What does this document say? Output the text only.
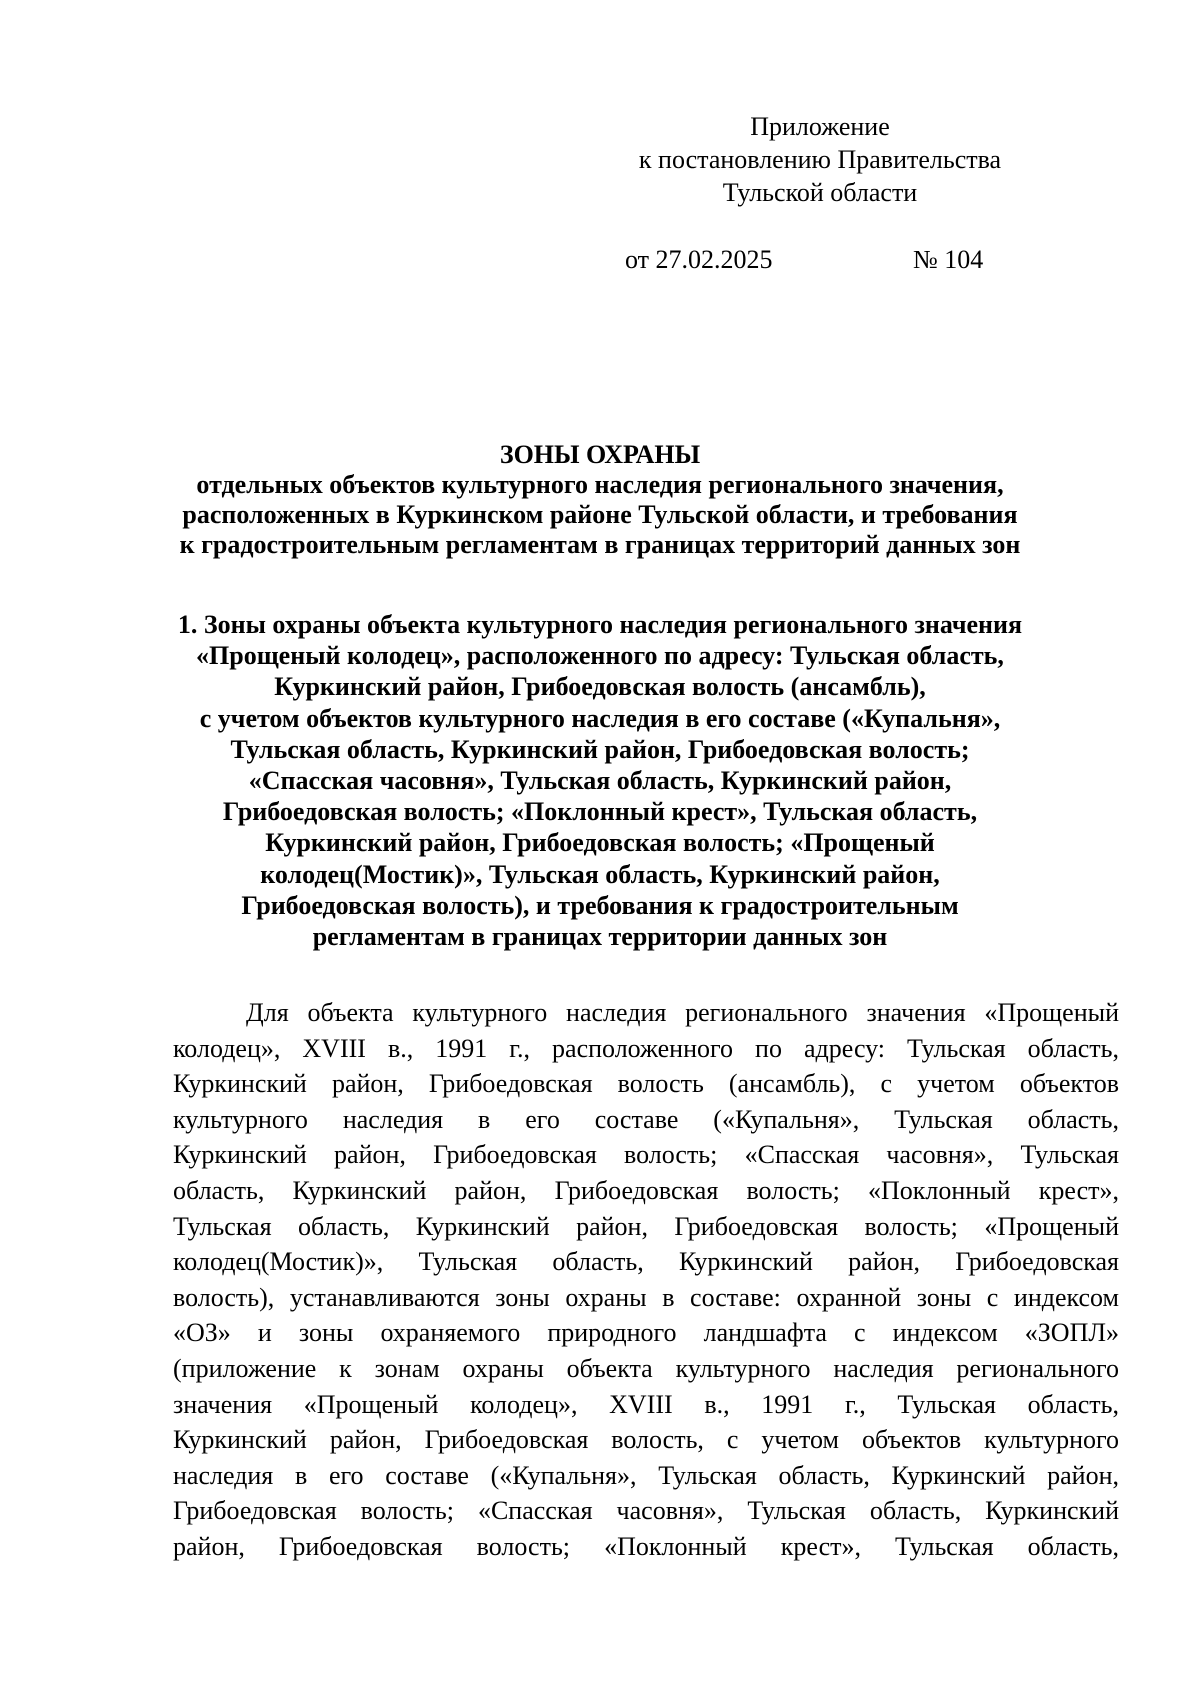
Приложение
к постановлению Правительства
Тульской области
от 27.02.2025	№ 104
ЗОНЫ ОХРАНЫ
отдельных объектов культурного наследия регионального значения,
расположенных в Куркинском районе Тульской области, и требования
к градостроительным регламентам в границах территорий данных зон
1. Зоны охраны объекта культурного наследия регионального значения
«Прощеный колодец», расположенного по адресу: Тульская область,
Куркинский район, Грибоедовская волость (ансамбль),
с учетом объектов культурного наследия в его составе («Купальня»,
Тульская область, Куркинский район, Грибоедовская волость;
«Спасская часовня», Тульская область, Куркинский район,
Грибоедовская волость; «Поклонный крест», Тульская область,
Куркинский район, Грибоедовская волость; «Прощеный
колодец(Мостик)», Тульская область, Куркинский район,
Грибоедовская волость), и требования к градостроительным
регламентам в границах территории данных зон
Для объекта культурного наследия регионального значения «Прощеный
колодец», XVIII в., 1991 г., расположенного по адресу: Тульская область,
Куркинский район, Грибоедовская волость (ансамбль), с учетом объектов
культурного наследия в его составе («Купальня», Тульская область,
Куркинский район, Грибоедовская волость; «Спасская часовня», Тульская
область, Куркинский район, Грибоедовская волость; «Поклонный крест»,
Тульская область, Куркинский район, Грибоедовская волость; «Прощеный
колодец(Мостик)», Тульская область, Куркинский район, Грибоедовская
волость), устанавливаются зоны охраны в составе: охранной зоны с индексом
«ОЗ» и зоны охраняемого природного ландшафта с индексом «ЗОПЛ»
(приложение к зонам охраны объекта культурного наследия регионального
значения «Прощеный колодец», XVIII в., 1991 г., Тульская область,
Куркинский район, Грибоедовская волость, с учетом объектов культурного
наследия в его составе («Купальня», Тульская область, Куркинский район,
Грибоедовская волость; «Спасская часовня», Тульская область, Куркинский
район, Грибоедовская волость; «Поклонный крест», Тульская область,
